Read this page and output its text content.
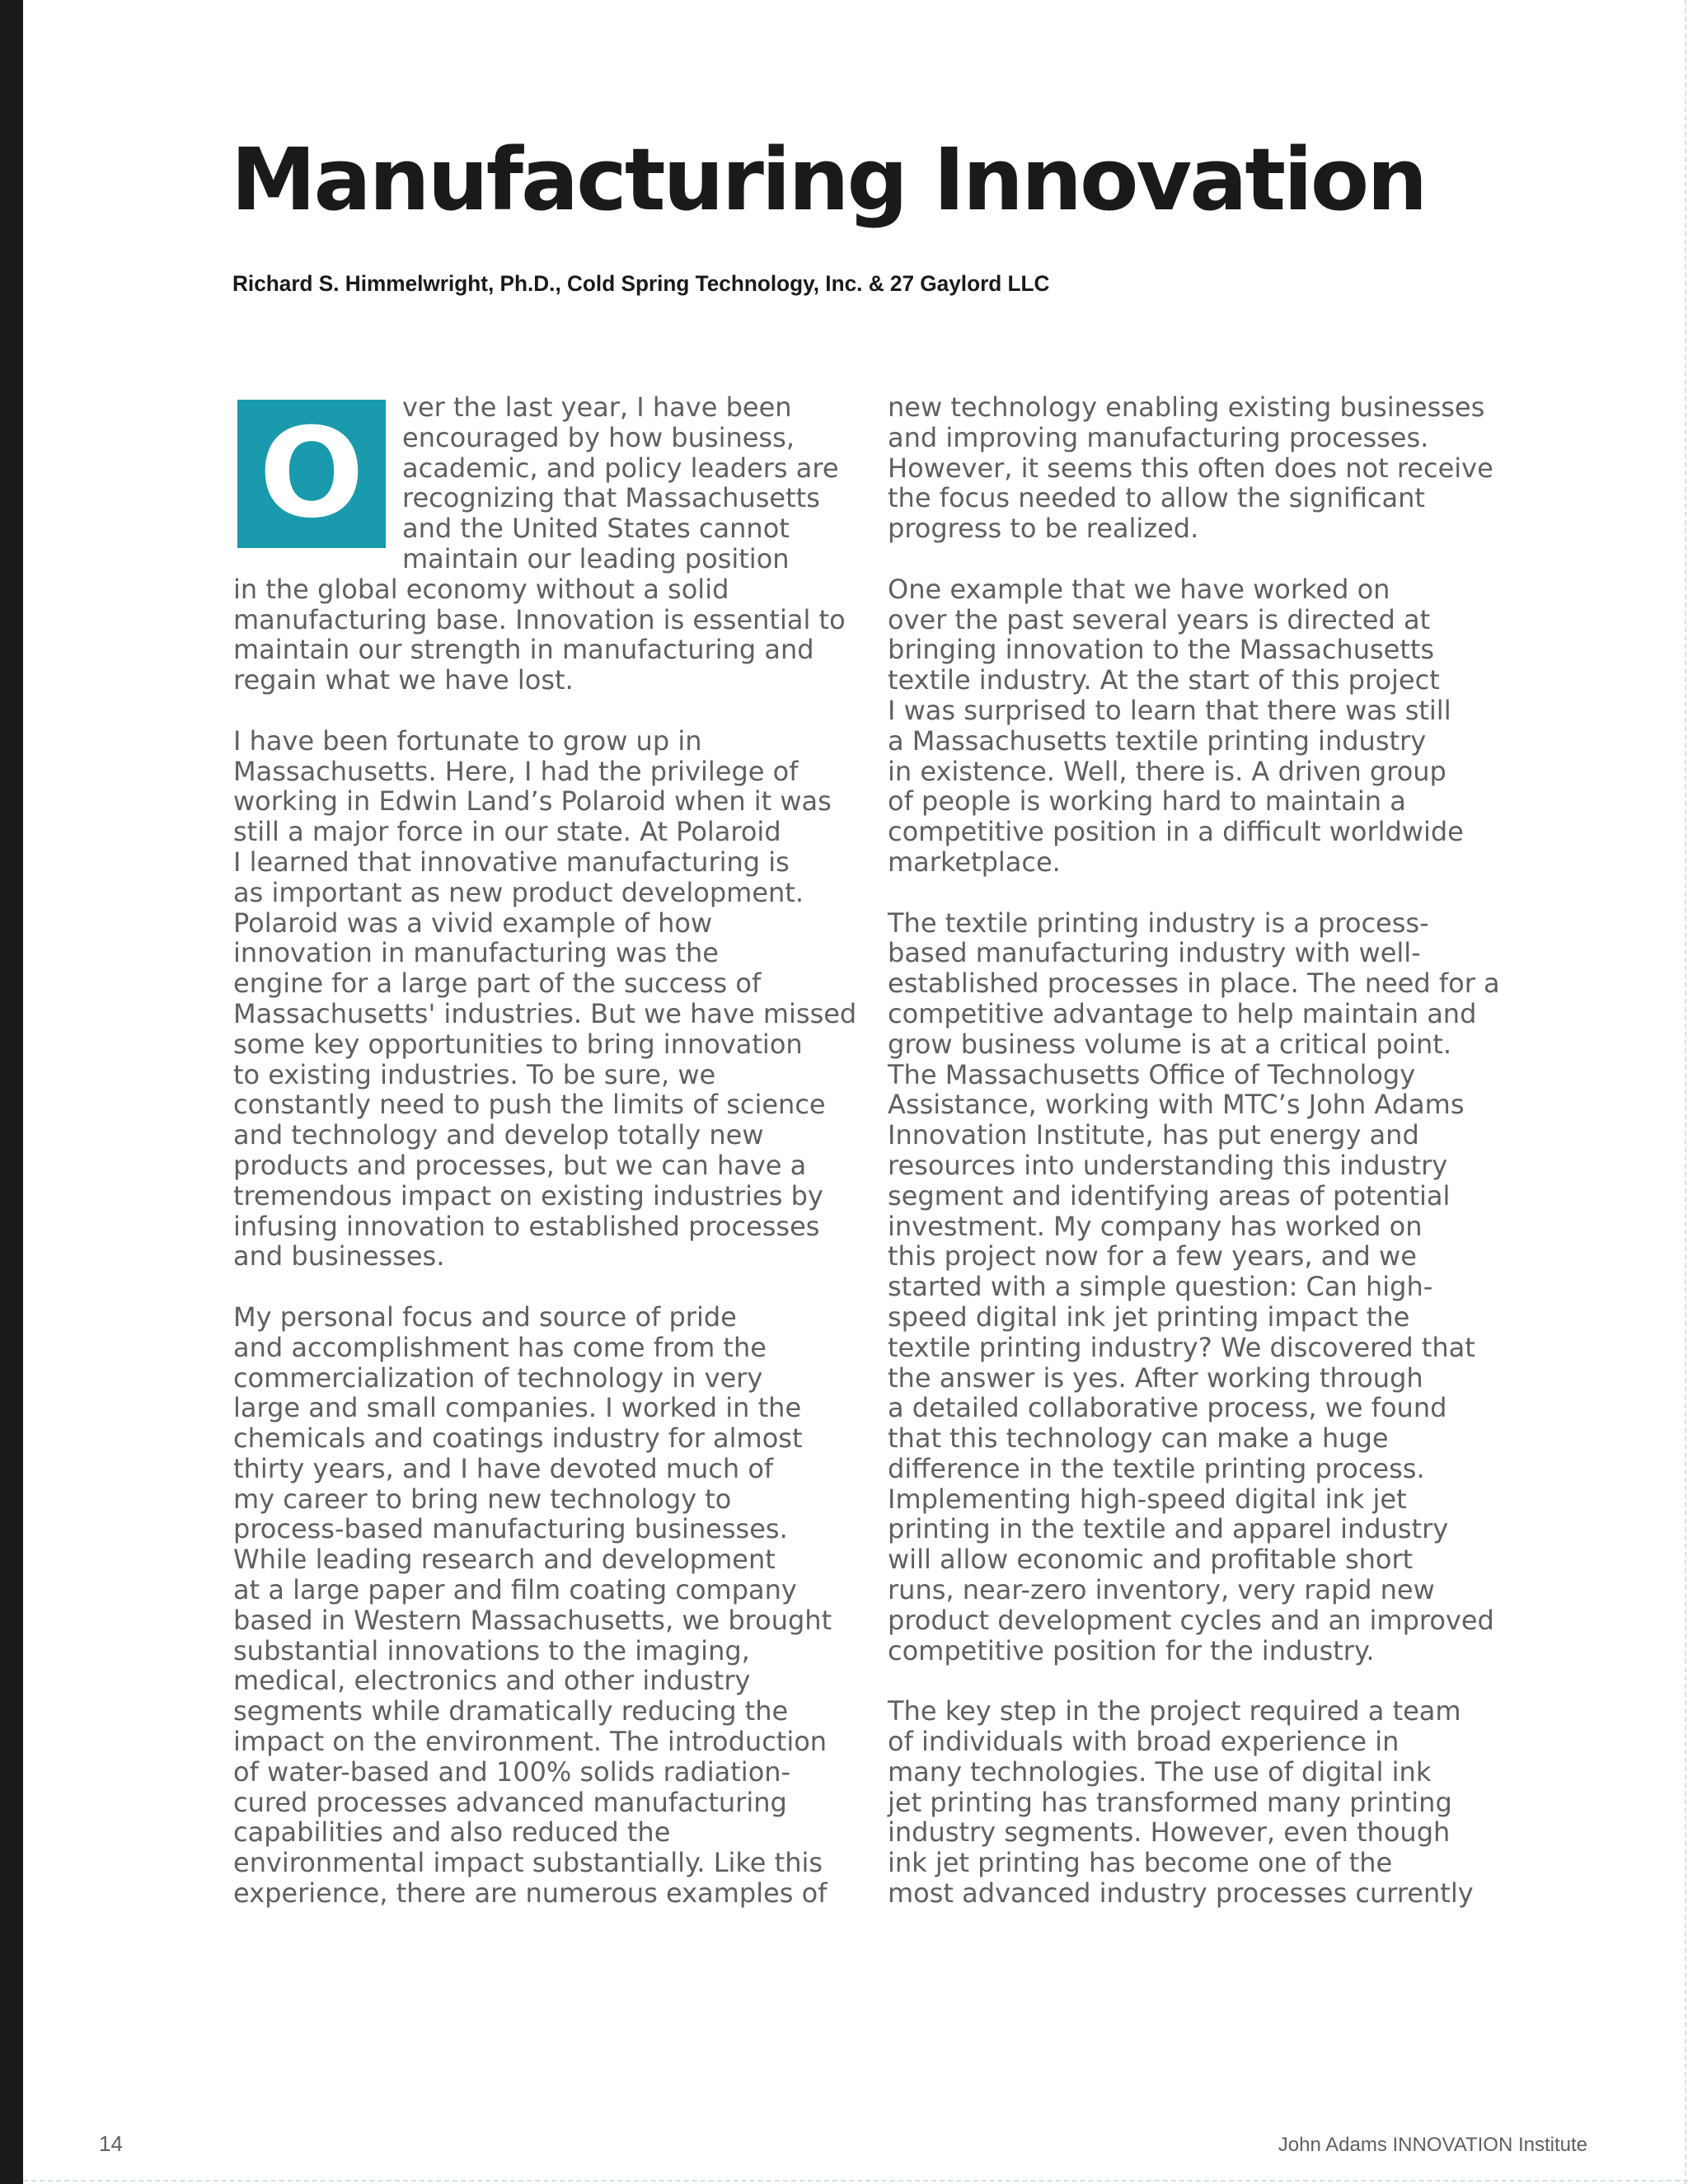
Manufacturing Innovation
Richard S. Himmelwright, Ph.D., Cold Spring Technology, Inc. & 27 Gaylord LLC

O	ver the last year, I have been
encouraged by how business,
academic, and policy leaders are
recognizing that Massachusetts
and the United States cannot
maintain our leading position
in the global economy without a solid
manufacturing base. Innovation is essential to
maintain our strength in manufacturing and
regain what we have lost.

I have been fortunate to grow up in
Massachusetts. Here, I had the privilege of
working in Edwin Land’s Polaroid when it was
still a major force in our state. At Polaroid
I learned that innovative manufacturing is
as important as new product development.
Polaroid was a vivid example of how
innovation in manufacturing was the
engine for a large part of the success of
Massachusetts' industries. But we have missed
some key opportunities to bring innovation
to existing industries. To be sure, we
constantly need to push the limits of science
and technology and develop totally new
products and processes, but we can have a
tremendous impact on existing industries by
infusing innovation to established processes
and businesses.

My personal focus and source of pride
and accomplishment has come from the
commercialization of technology in very
large and small companies. I worked in the
chemicals and coatings industry for almost
thirty years, and I have devoted much of
my career to bring new technology to
process-based manufacturing businesses.
While leading research and development
at a large paper and film coating company
based in Western Massachusetts, we brought
substantial innovations to the imaging,
medical, electronics and other industry
segments while dramatically reducing the
impact on the environment. The introduction
of water-based and 100% solids radiation-
cured processes advanced manufacturing
capabilities and also reduced the
environmental impact substantially. Like this
experience, there are numerous examples of

new technology enabling existing businesses
and improving manufacturing processes.
However, it seems this often does not receive
the focus needed to allow the significant
progress to be realized.

One example that we have worked on
over the past several years is directed at
bringing innovation to the Massachusetts
textile industry. At the start of this project
I was surprised to learn that there was still
a Massachusetts textile printing industry
in existence. Well, there is. A driven group
of people is working hard to maintain a
competitive position in a difficult worldwide
marketplace.

The textile printing industry is a process-
based manufacturing industry with well-
established processes in place. The need for a
competitive advantage to help maintain and
grow business volume is at a critical point.
The Massachusetts Office of Technology
Assistance, working with MTC’s John Adams
Innovation Institute, has put energy and
resources into understanding this industry
segment and identifying areas of potential
investment. My company has worked on
this project now for a few years, and we
started with a simple question: Can high-
speed digital ink jet printing impact the
textile printing industry? We discovered that
the answer is yes. After working through
a detailed collaborative process, we found
that this technology can make a huge
difference in the textile printing process.
Implementing high-speed digital ink jet
printing in the textile and apparel industry
will allow economic and profitable short
runs, near-zero inventory, very rapid new
product development cycles and an improved
competitive position for the industry.

The key step in the project required a team
of individuals with broad experience in
many technologies. The use of digital ink
jet printing has transformed many printing
industry segments. However, even though
ink jet printing has become one of the
most advanced industry processes currently

14	John Adams INNOVATION Institute
